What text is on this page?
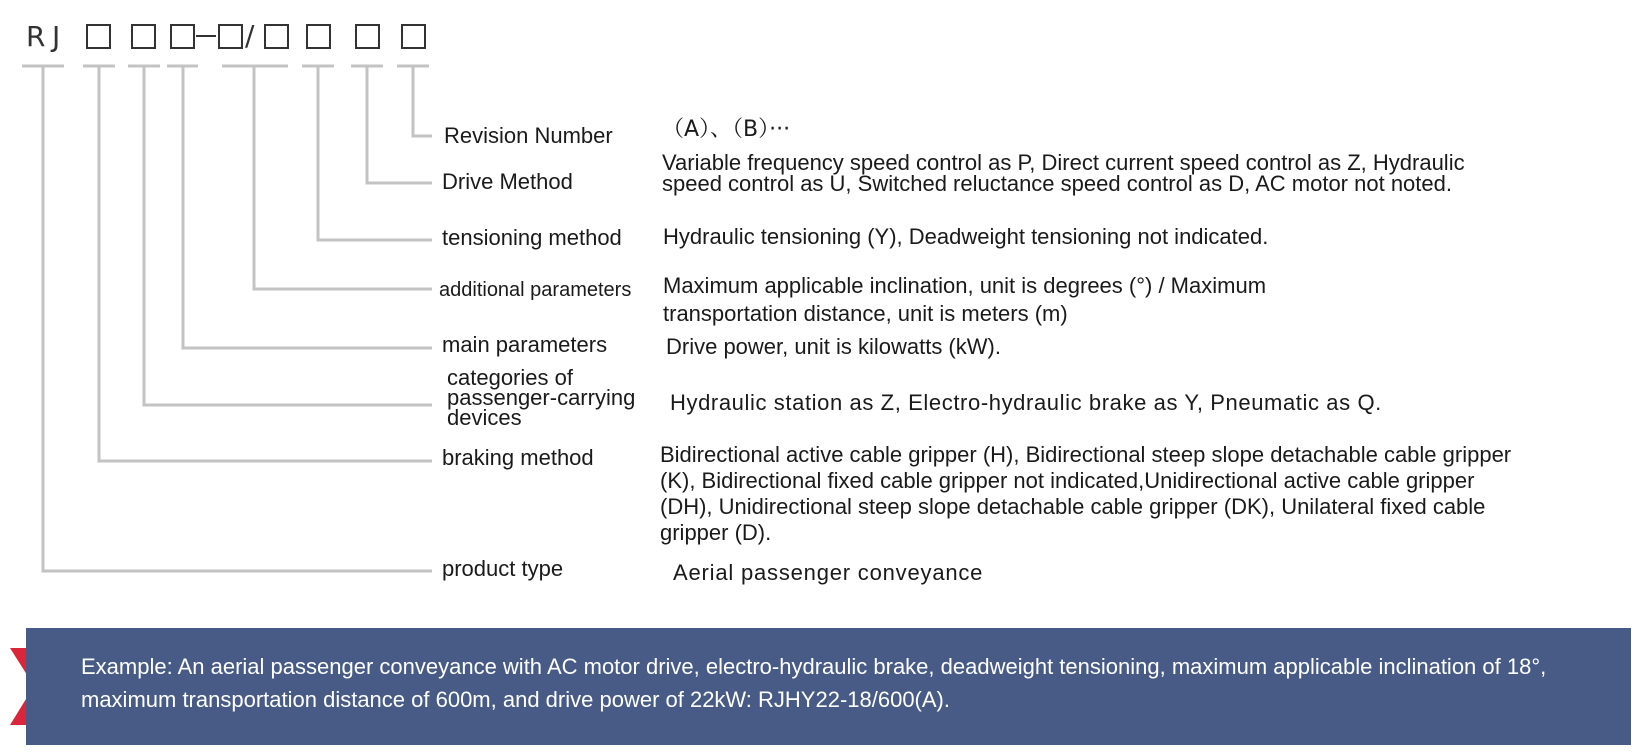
R J	/
Revision Number
Drive Method
tensioning method
additional parameters
main parameters
categories of passenger-carrying devices
braking method
product type
（A）、（B）···
Variable frequency speed control as P, Direct current speed control as Z, Hydraulic speed control as U, Switched reluctance speed control as D, AC motor not noted.
Hydraulic tensioning (Y), Deadweight tensioning not indicated.
Maximum applicable inclination, unit is degrees (°) / Maximum transportation distance, unit is meters (m)
Drive power, unit is kilowatts (kW).
Hydraulic station as Z, Electro-hydraulic brake as Y, Pneumatic as Q.
Bidirectional active cable gripper (H), Bidirectional steep slope detachable cable gripper (K), Bidirectional fixed cable gripper not indicated,Unidirectional active cable gripper (DH), Unidirectional steep slope detachable cable gripper (DK), Unilateral fixed cable gripper (D).
Aerial passenger conveyance
Example: An aerial passenger conveyance with AC motor drive, electro-hydraulic brake, deadweight tensioning, maximum applicable inclination of 18°, maximum transportation distance of 600m, and drive power of 22kW: RJHY22-18/600(A).
